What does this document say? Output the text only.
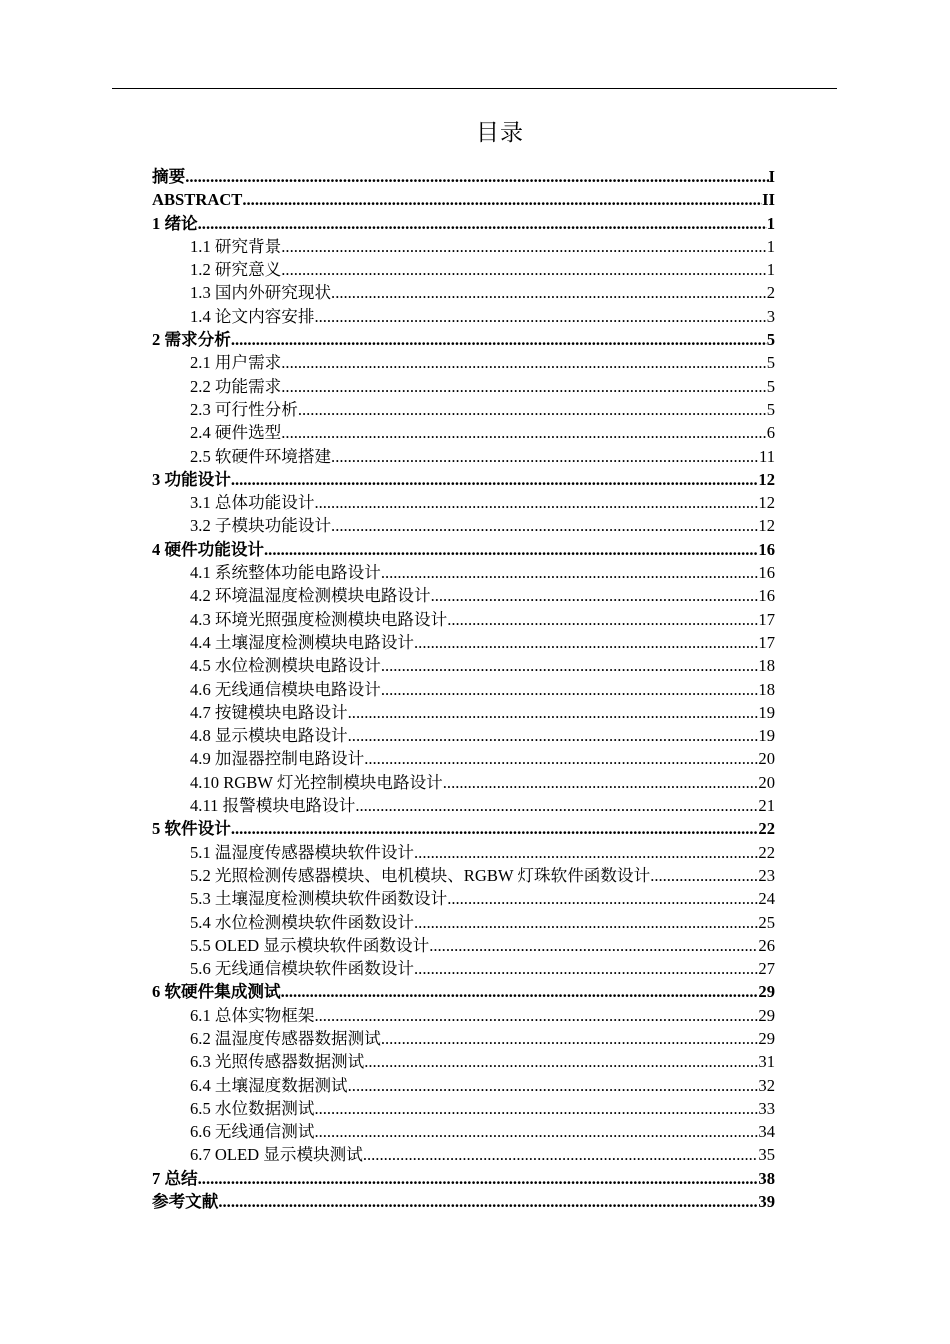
目录
摘要 .....	I
ABSTRACT .....	II
1 绪论 .....	1
1.1 研究背景 .....	1
1.2 研究意义 .....	1
1.3 国内外研究现状 .....	2
1.4 论文内容安排 .....	3
2 需求分析 .....	5
2.1 用户需求 .....	5
2.2 功能需求 .....	5
2.3 可行性分析 .....	5
2.4 硬件选型 .....	6
2.5 软硬件环境搭建 .....	11
3 功能设计 .....	12
3.1 总体功能设计 .....	12
3.2 子模块功能设计 .....	12
4 硬件功能设计 .....	16
4.1 系统整体功能电路设计 .....	16
4.2 环境温湿度检测模块电路设计 .....	16
4.3 环境光照强度检测模块电路设计 .....	17
4.4 土壤湿度检测模块电路设计 .....	17
4.5 水位检测模块电路设计 .....	18
4.6 无线通信模块电路设计 .....	18
4.7 按键模块电路设计 .....	19
4.8 显示模块电路设计 .....	19
4.9 加湿器控制电路设计 .....	20
4.10 RGBW 灯光控制模块电路设计 .....	20
4.11 报警模块电路设计 .....	21
5 软件设计 .....	22
5.1 温湿度传感器模块软件设计 .....	22
5.2 光照检测传感器模块、电机模块、RGBW 灯珠软件函数设计 .....	23
5.3 土壤湿度检测模块软件函数设计 .....	24
5.4 水位检测模块软件函数设计 .....	25
5.5 OLED 显示模块软件函数设计 .....	26
5.6 无线通信模块软件函数设计 .....	27
6 软硬件集成测试 .....	29
6.1 总体实物框架 .....	29
6.2 温湿度传感器数据测试 .....	29
6.3 光照传感器数据测试 .....	31
6.4 土壤湿度数据测试 .....	32
6.5 水位数据测试 .....	33
6.6 无线通信测试 .....	34
6.7 OLED 显示模块测试 .....	35
7 总结 .....	38
参考文献 .....	39
